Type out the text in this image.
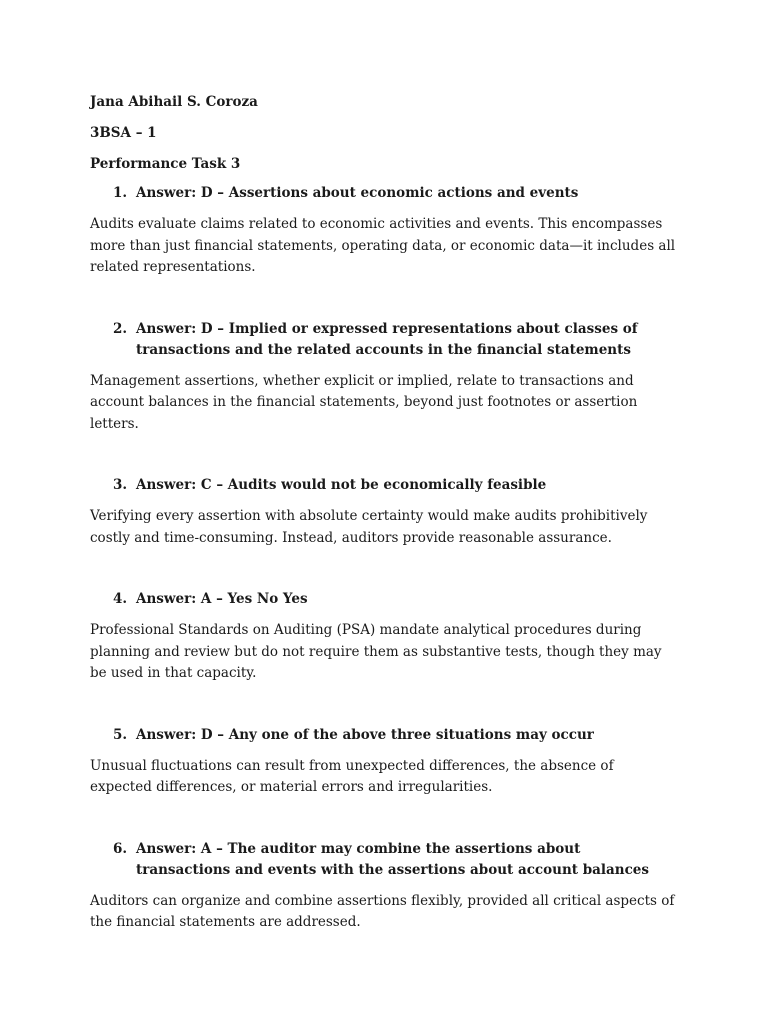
Jana Abihail S. Coroza
3BSA – 1
Performance Task 3
1. Answer: D – Assertions about economic actions and events

Audits evaluate claims related to economic activities and events. This encompasses more than just financial statements, operating data, or economic data—it includes all related representations.

2. Answer: D – Implied or expressed representations about classes of transactions and the related accounts in the financial statements

Management assertions, whether explicit or implied, relate to transactions and account balances in the financial statements, beyond just footnotes or assertion letters.

3. Answer: C – Audits would not be economically feasible

Verifying every assertion with absolute certainty would make audits prohibitively costly and time-consuming. Instead, auditors provide reasonable assurance.

4. Answer: A – Yes No Yes

Professional Standards on Auditing (PSA) mandate analytical procedures during planning and review but do not require them as substantive tests, though they may be used in that capacity.

5. Answer: D – Any one of the above three situations may occur

Unusual fluctuations can result from unexpected differences, the absence of expected differences, or material errors and irregularities.

6. Answer: A – The auditor may combine the assertions about transactions and events with the assertions about account balances

Auditors can organize and combine assertions flexibly, provided all critical aspects of the financial statements are addressed.
